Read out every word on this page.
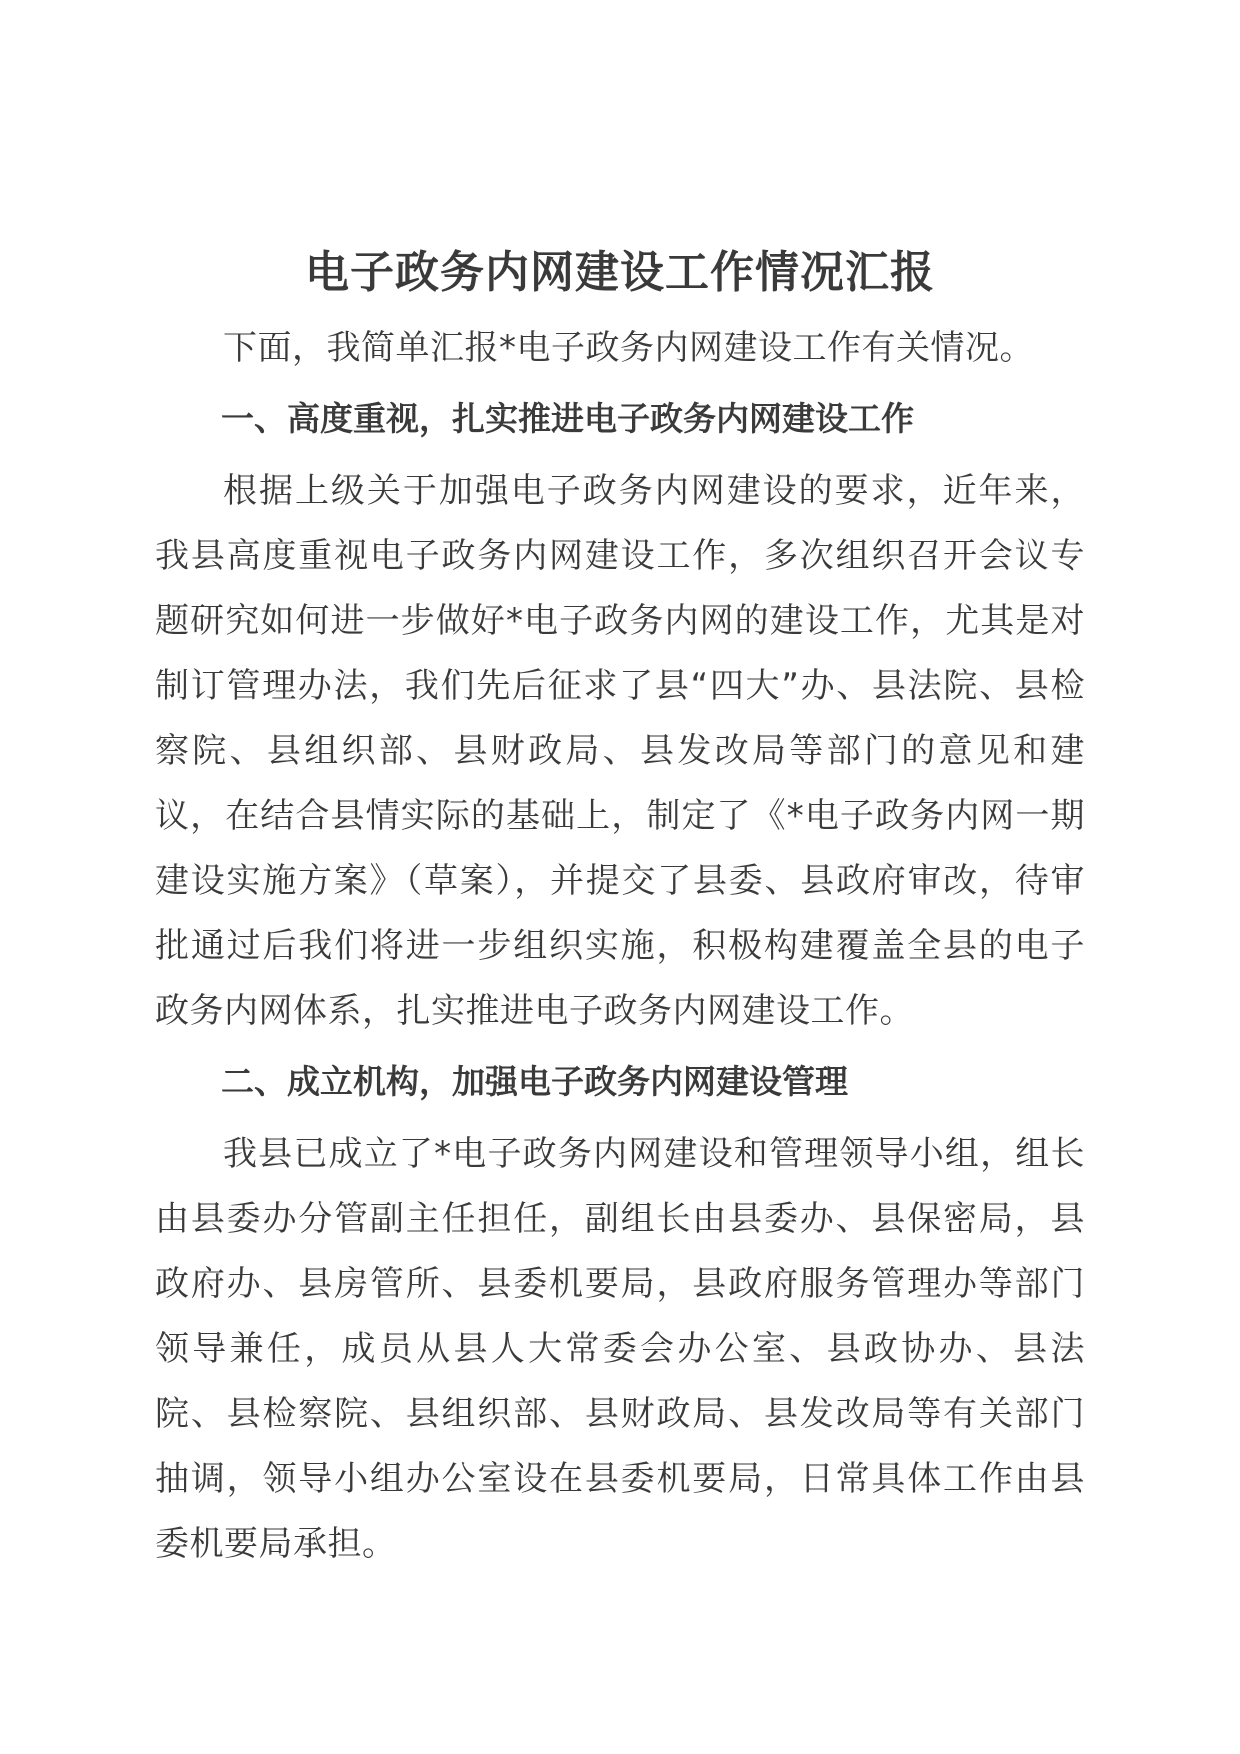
电子政务内网建设工作情况汇报

下面，我简单汇报*电子政务内网建设工作有关情况。

一、高度重视，扎实推进电子政务内网建设工作

根据上级关于加强电子政务内网建设的要求，近年来，我县高度重视电子政务内网建设工作，多次组织召开会议专题研究如何进一步做好*电子政务内网的建设工作，尤其是对制订管理办法，我们先后征求了县“四大”办、县法院、县检察院、县组织部、县财政局、县发改局等部门的意见和建议，在结合县情实际的基础上，制定了《*电子政务内网一期建设实施方案》（草案），并提交了县委、县政府审改，待审批通过后我们将进一步组织实施，积极构建覆盖全县的电子政务内网体系，扎实推进电子政务内网建设工作。

二、成立机构，加强电子政务内网建设管理

我县已成立了*电子政务内网建设和管理领导小组，组长由县委办分管副主任担任，副组长由县委办、县保密局，县政府办、县房管所、县委机要局，县政府服务管理办等部门领导兼任，成员从县人大常委会办公室、县政协办、县法院、县检察院、县组织部、县财政局、县发改局等有关部门抽调，领导小组办公室设在县委机要局，日常具体工作由县委机要局承担。
